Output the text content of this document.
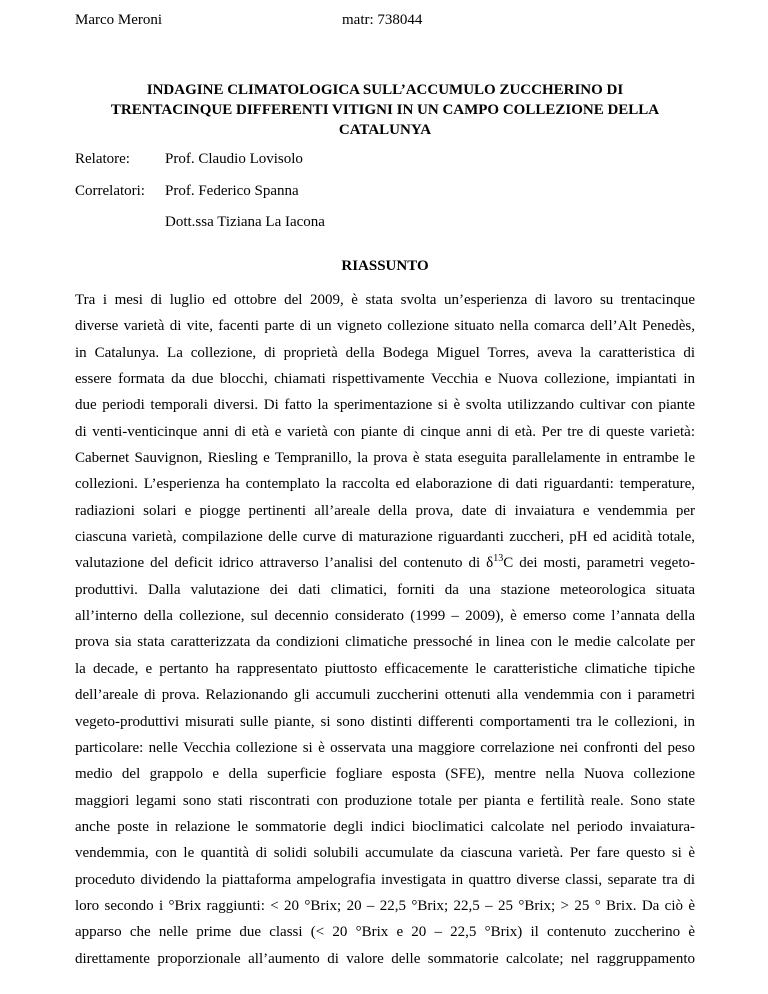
Marco Meroni	matr: 738044
INDAGINE CLIMATOLOGICA SULL’ACCUMULO ZUCCHERINO DI
TRENTACINQUE DIFFERENTI VITIGNI IN UN CAMPO COLLEZIONE DELLA
CATALUNYA
Relatore: Prof. Claudio Lovisolo
Correlatori: Prof. Federico Spanna
Dott.ssa Tiziana La Iacona
RIASSUNTO
Tra i mesi di luglio ed ottobre del 2009, è stata svolta un’esperienza di lavoro su trentacinque
diverse varietà di vite, facenti parte di un vigneto collezione situato nella comarca dell’Alt Penedès,
in Catalunya. La collezione, di proprietà della Bodega Miguel Torres, aveva la caratteristica di
essere formata da due blocchi, chiamati rispettivamente Vecchia e Nuova collezione, impiantati in
due periodi temporali diversi. Di fatto la sperimentazione si è svolta utilizzando cultivar con piante
di venti-venticinque anni di età e varietà con piante di cinque anni di età. Per tre di queste varietà:
Cabernet Sauvignon, Riesling e Tempranillo, la prova è stata eseguita parallelamente in entrambe le
collezioni. L’esperienza ha contemplato la raccolta ed elaborazione di dati riguardanti: temperature,
radiazioni solari e piogge pertinenti all’areale della prova, date di invaiatura e vendemmia per
ciascuna varietà, compilazione delle curve di maturazione riguardanti zuccheri, pH ed acidità totale,
valutazione del deficit idrico attraverso l’analisi del contenuto di $\delta^{13}C$ dei mosti, parametri vegeto-
produttivi. Dalla valutazione dei dati climatici, forniti da una stazione meteorologica situata
all’interno della collezione, sul decennio considerato (1999 – 2009), è emerso come l’annata della
prova sia stata caratterizzata da condizioni climatiche pressoché in linea con le medie calcolate per
la decade, e pertanto ha rappresentato piuttosto efficacemente le caratteristiche climatiche tipiche
dell’areale di prova. Relazionando gli accumuli zuccherini ottenuti alla vendemmia con i parametri
vegeto-produttivi misurati sulle piante, si sono distinti differenti comportamenti tra le collezioni, in
particolare: nelle Vecchia collezione si è osservata una maggiore correlazione nei confronti del peso
medio del grappolo e della superficie fogliare esposta (SFE), mentre nella Nuova collezione
maggiori legami sono stati riscontrati con produzione totale per pianta e fertilità reale. Sono state
anche poste in relazione le sommatorie degli indici bioclimatici calcolate nel periodo invaiatura-
vendemmia, con le quantità di solidi solubili accumulate da ciascuna varietà. Per fare questo si è
proceduto dividendo la piattaforma ampelografia investigata in quattro diverse classi, separate tra di
loro secondo i °Brix raggiunti: < 20 °Brix; 20 – 22,5 °Brix; 22,5 – 25 °Brix; > 25 ° Brix. Da ciò è
apparso che nelle prime due classi (< 20 °Brix e 20 – 22,5 °Brix) il contenuto zuccherino è
direttamente proporzionale all’aumento di valore delle sommatorie calcolate; nel raggruppamento
